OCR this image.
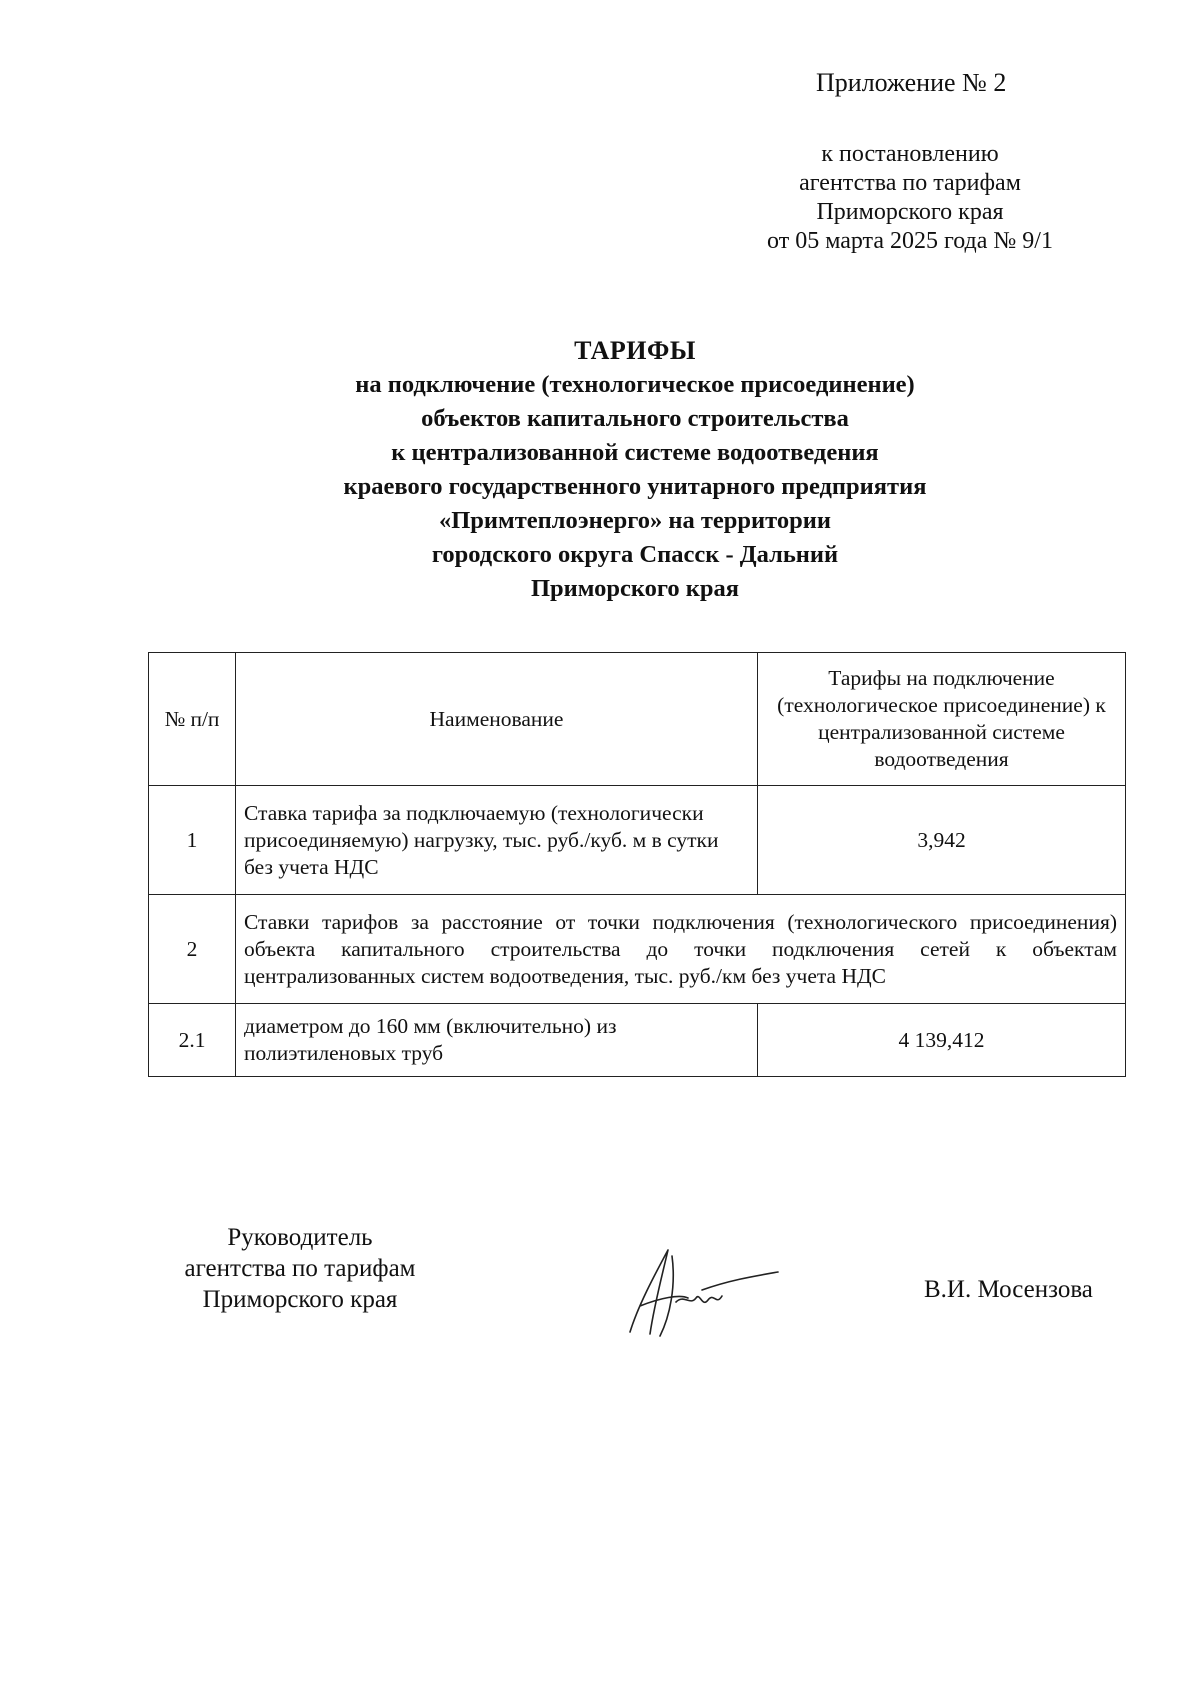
Приложение № 2
к постановлению
агентства по тарифам
Приморского края
от 05 марта 2025 года № 9/1
ТАРИФЫ
на подключение (технологическое присоединение)
объектов капитального строительства
к централизованной системе водоотведения
краевого государственного унитарного предприятия
«Примтеплоэнерго» на территории
городского округа Спасск - Дальний
Приморского края
№ п/п	Наименование	Тарифы на подключение (технологическое присоединение) к централизованной системе водоотведения
1	Ставка тарифа за подключаемую (технологически присоединяемую) нагрузку, тыс. руб./куб. м в сутки без учета НДС	3,942
2	Ставки тарифов за расстояние от точки подключения (технологического присоединения) объекта капитального строительства до точки подключения сетей к объектам централизованных систем водоотведения, тыс. руб./км без учета НДС	
2.1	диаметром до 160 мм (включительно) из полиэтиленовых труб	4 139,412
Руководитель
агентства по тарифам
Приморского края	В.И. Мосензова
